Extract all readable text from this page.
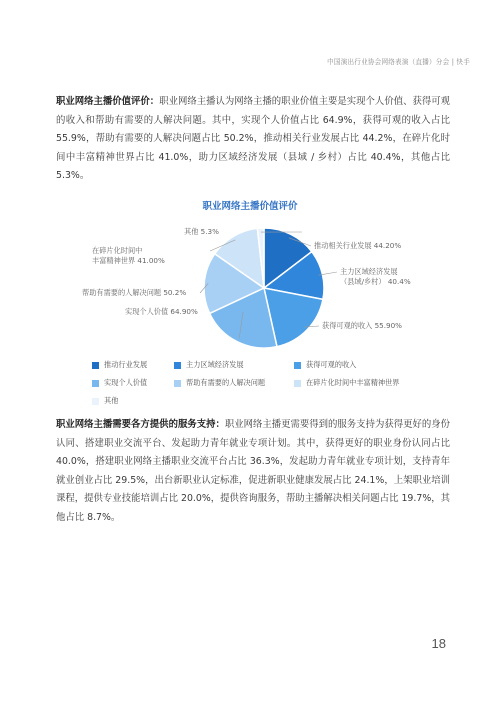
中国演出行业协会网络表演（直播）分会 | 快手

职业网络主播价值评价：职业网络主播认为网络主播的职业价值主要是实现个人价值、获得可观的收入和帮助有需要的人解决问题。其中，实现个人价值占比 64.9%，获得可观的收入占比 55.9%，帮助有需要的人解决问题占比 50.2%，推动相关行业发展占比 44.2%，在碎片化时间中丰富精神世界占比 41.0%，助力区域经济发展（县域 / 乡村）占比 40.4%，其他占比 5.3%。

职业网络主播价值评价
推动相关行业发展 44.20%
主力区域经济发展
（县域/乡村） 40.4%
获得可观的收入 55.90%
实现个人价值 64.90%
帮助有需要的人解决问题 50.2%
在碎片化时间中
丰富精神世界 41.00%
其他 5.3%
推动行业发展	主力区域经济发展	获得可观的收入
实现个人价值	帮助有需要的人解决问题	在碎片化时间中丰富精神世界
其他

职业网络主播需要各方提供的服务支持：职业网络主播更需要得到的服务支持为获得更好的身份认同、搭建职业交流平台、发起助力青年就业专项计划。其中，获得更好的职业身份认同占比 40.0%，搭建职业网络主播职业交流平台占比 36.3%，发起助力青年就业专项计划，支持青年就业创业占比 29.5%，出台新职业认定标准，促进新职业健康发展占比 24.1%，上架职业培训课程，提供专业技能培训占比 20.0%，提供咨询服务，帮助主播解决相关问题占比 19.7%，其他占比 8.7%。

18
